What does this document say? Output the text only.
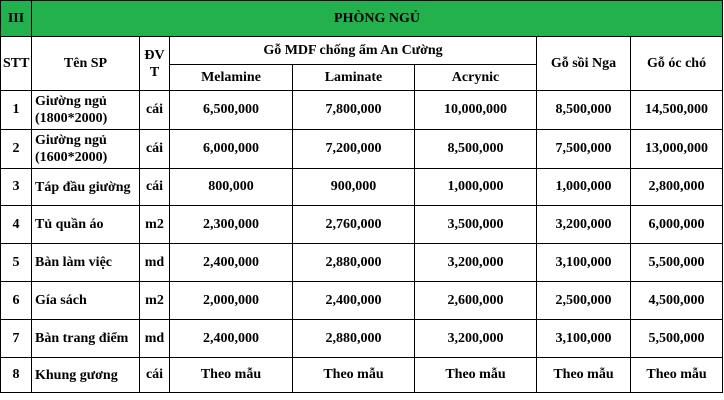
III	PHÒNG NGỦ						
STT	Tên SP	ĐV T	Gỗ MDF chống ẩm An Cường			Gỗ sồi Nga	Gỗ óc chó
			Melamine	Laminate	Acrynic		
1	Giường ngủ (1800*2000)	cái	6,500,000	7,800,000	10,000,000	8,500,000	14,500,000
2	Giường ngủ (1600*2000)	cái	6,000,000	7,200,000	8,500,000	7,500,000	13,000,000
3	Táp đầu giường	cái	800,000	900,000	1,000,000	1,000,000	2,800,000
4	Tủ quần áo	m2	2,300,000	2,760,000	3,500,000	3,200,000	6,000,000
5	Bàn làm việc	md	2,400,000	2,880,000	3,200,000	3,100,000	5,500,000
6	Gía sách	m2	2,000,000	2,400,000	2,600,000	2,500,000	4,500,000
7	Bàn trang điểm	md	2,400,000	2,880,000	3,200,000	3,100,000	5,500,000
8	Khung gương	cái	Theo mẫu	Theo mẫu	Theo mẫu	Theo mẫu	Theo mẫu
